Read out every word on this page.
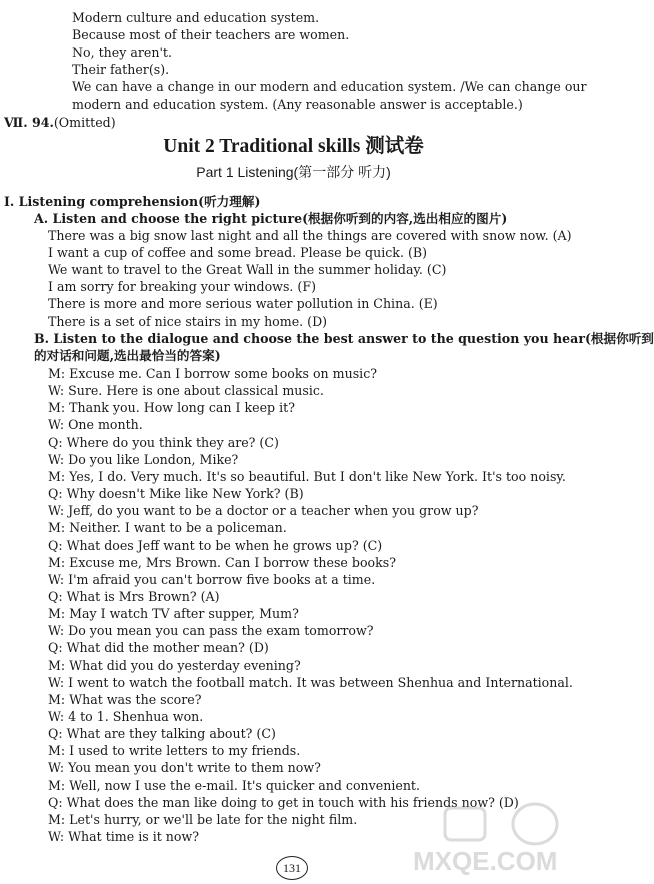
Modern culture and education system.
Because most of their teachers are women.
No, they aren't.
Their father(s).
We can have a change in our modern and education system. /We can change our
modern and education system. (Any reasonable answer is acceptable.)
Ⅶ. 94.(Omitted)
Unit 2 Traditional skills 测试卷
Part 1 Listening(第一部分 听力)
Ⅰ. Listening comprehension(听力理解)
A. Listen and choose the right picture(根据你听到的内容,选出相应的图片)
There was a big snow last night and all the things are covered with snow now. (A)
I want a cup of coffee and some bread. Please be quick. (B)
We want to travel to the Great Wall in the summer holiday. (C)
I am sorry for breaking your windows. (F)
There is more and more serious water pollution in China. (E)
There is a set of nice stairs in my home. (D)
B. Listen to the dialogue and choose the best answer to the question you hear(根据你听到
的对话和问题,选出最恰当的答案)
M: Excuse me. Can I borrow some books on music?
W: Sure. Here is one about classical music.
M: Thank you. How long can I keep it?
W: One month.
Q: Where do you think they are? (C)
W: Do you like London, Mike?
M: Yes, I do. Very much. It's so beautiful. But I don't like New York. It's too noisy.
Q: Why doesn't Mike like New York? (B)
W: Jeff, do you want to be a doctor or a teacher when you grow up?
M: Neither. I want to be a policeman.
Q: What does Jeff want to be when he grows up? (C)
M: Excuse me, Mrs Brown. Can I borrow these books?
W: I'm afraid you can't borrow five books at a time.
Q: What is Mrs Brown? (A)
M: May I watch TV after supper, Mum?
W: Do you mean you can pass the exam tomorrow?
Q: What did the mother mean? (D)
M: What did you do yesterday evening?
W: I went to watch the football match. It was between Shenhua and International.
M: What was the score?
W: 4 to 1. Shenhua won.
Q: What are they talking about? (C)
M: I used to write letters to my friends.
W: You mean you don't write to them now?
M: Well, now I use the e-mail. It's quicker and convenient.
Q: What does the man like doing to get in touch with his friends now? (D)
M: Let's hurry, or we'll be late for the night film.
W: What time is it now?
131	MXQE.COM
